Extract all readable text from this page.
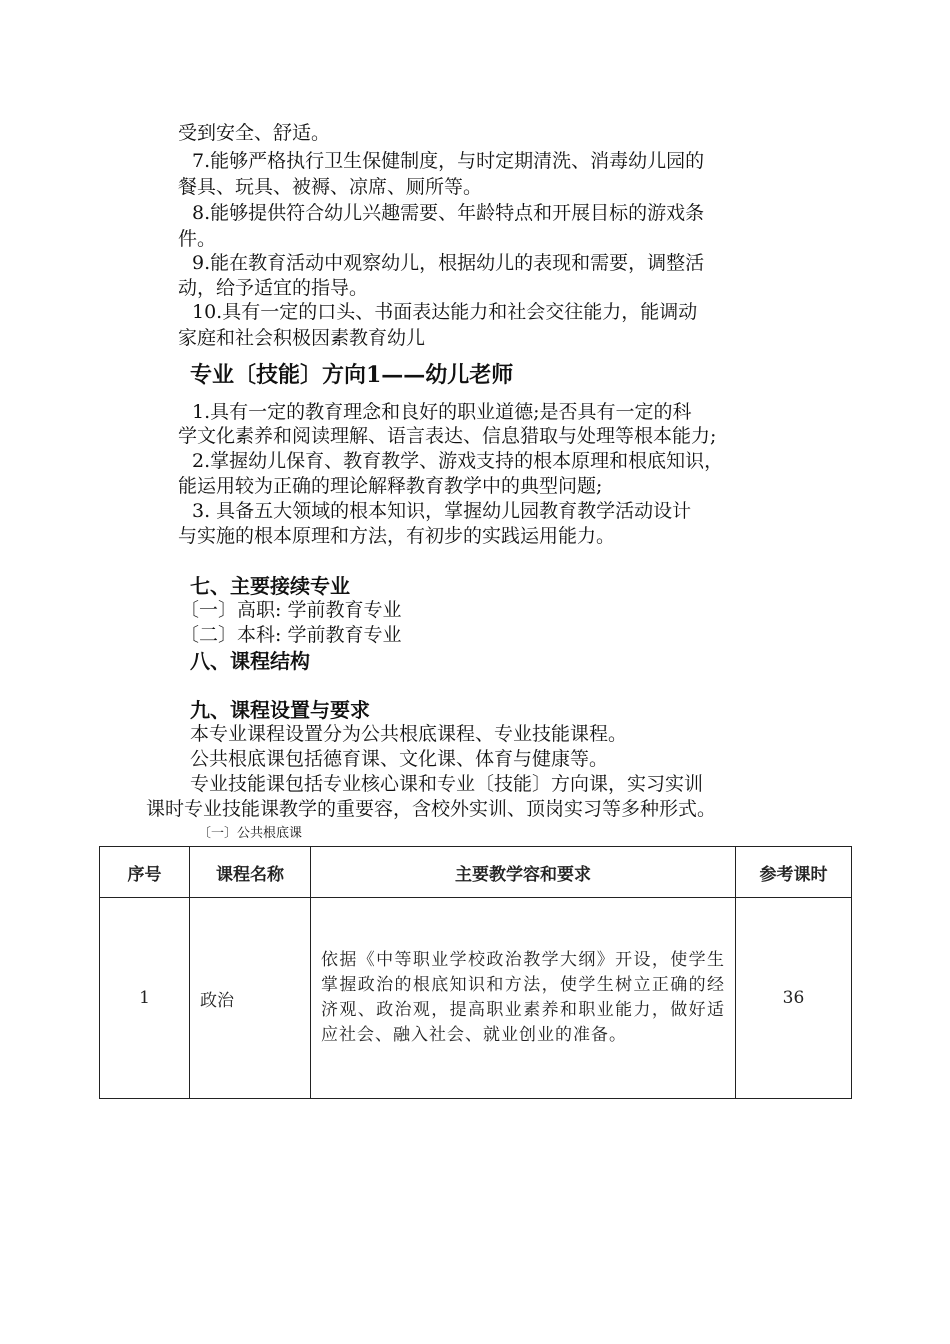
受到安全、舒适。
7.能够严格执行卫生保健制度，与时定期清洗、消毒幼儿园的
餐具、玩具、被褥、凉席、厕所等。
8.能够提供符合幼儿兴趣需要、年龄特点和开展目标的游戏条
件。
9.能在教育活动中观察幼儿，根据幼儿的表现和需要，调整活
动，给予适宜的指导。
10.具有一定的口头、书面表达能力和社会交往能力，能调动
家庭和社会积极因素教育幼儿
专业〔技能〕方向1——幼儿老师
1.具有一定的教育理念和良好的职业道德;是否具有一定的科
学文化素养和阅读理解、语言表达、信息猎取与处理等根本能力;
2.掌握幼儿保育、教育教学、游戏支持的根本原理和根底知识，
能运用较为正确的理论解释教育教学中的典型问题;
3. 具备五大领域的根本知识，掌握幼儿园教育教学活动设计
与实施的根本原理和方法，有初步的实践运用能力。
七、主要接续专业
〔一〕高职: 学前教育专业
〔二〕本科: 学前教育专业
八、课程结构
九、课程设置与要求
本专业课程设置分为公共根底课程、专业技能课程。
公共根底课包括德育课、文化课、体育与健康等。
专业技能课包括专业核心课和专业〔技能〕方向课，实习实训
课时专业技能课教学的重要容，含校外实训、顶岗实习等多种形式。
〔一〕公共根底课
序号	课程名称	主要教学容和要求	参考课时
1	政治	依据《中等职业学校政治教学大纲》开设，使学生掌握政治的根底知识和方法，使学生树立正确的经济观、政治观，提高职业素养和职业能力，做好适应社会、融入社会、就业创业的准备。	36
